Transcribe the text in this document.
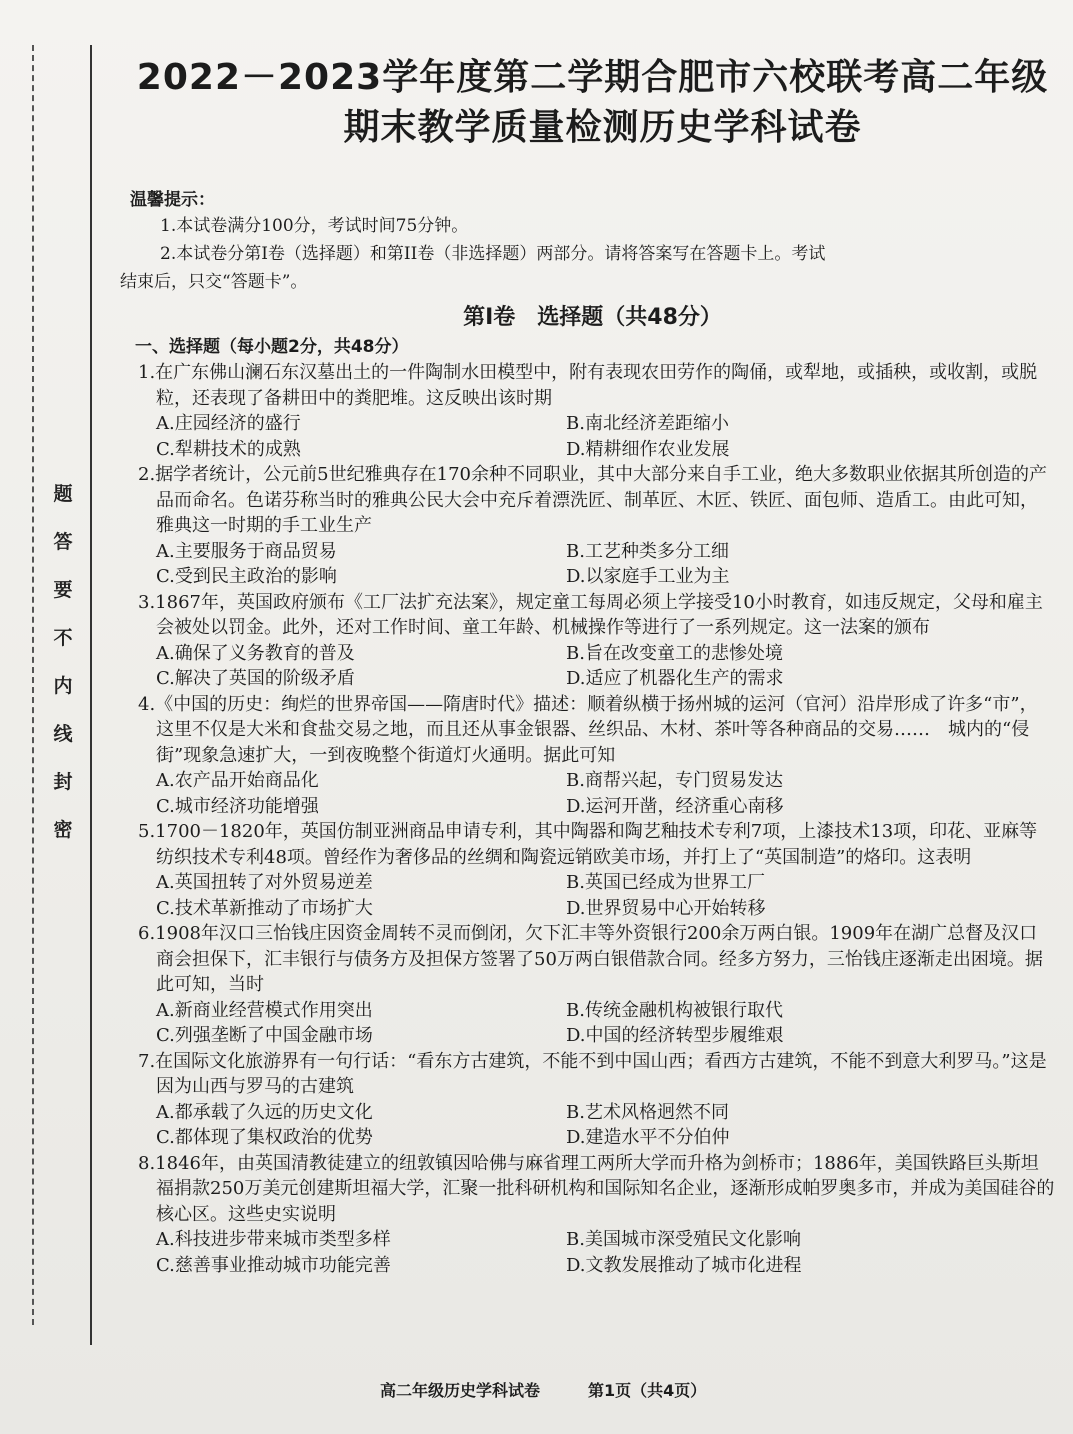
题
答
要
不
内
线
封
密
2022－2023学年度第二学期合肥市六校联考高二年级
期末教学质量检测历史学科试卷
温馨提示：
1.本试卷满分100分，考试时间75分钟。
2.本试卷分第Ⅰ卷（选择题）和第II卷（非选择题）两部分。请将答案写在答题卡上。考试
结束后，只交“答题卡”。
第Ⅰ卷　选择题（共48分）
一、选择题（每小题2分，共48分）
1.在广东佛山澜石东汉墓出土的一件陶制水田模型中，附有表现农田劳作的陶俑，或犁地，或插秧，或收割，或脱粒，还表现了备耕田中的粪肥堆。这反映出该时期
A.庄园经济的盛行	B.南北经济差距缩小
C.犁耕技术的成熟	D.精耕细作农业发展
2.据学者统计，公元前5世纪雅典存在170余种不同职业，其中大部分来自手工业，绝大多数职业依据其所创造的产品而命名。色诺芬称当时的雅典公民大会中充斥着漂洗匠、制革匠、木匠、铁匠、面包师、造盾工。由此可知，雅典这一时期的手工业生产
A.主要服务于商品贸易	B.工艺种类多分工细
C.受到民主政治的影响	D.以家庭手工业为主
3.1867年，英国政府颁布《工厂法扩充法案》，规定童工每周必须上学接受10小时教育，如违反规定，父母和雇主会被处以罚金。此外，还对工作时间、童工年龄、机械操作等进行了一系列规定。这一法案的颁布
A.确保了义务教育的普及	B.旨在改变童工的悲惨处境
C.解决了英国的阶级矛盾	D.适应了机器化生产的需求
4.《中国的历史：绚烂的世界帝国——隋唐时代》描述：顺着纵横于扬州城的运河（官河）沿岸形成了许多“市”，这里不仅是大米和食盐交易之地，而且还从事金银器、丝织品、木材、茶叶等各种商品的交易……　城内的“侵街”现象急速扩大，一到夜晚整个街道灯火通明。据此可知
A.农产品开始商品化	B.商帮兴起，专门贸易发达
C.城市经济功能增强	D.运河开凿，经济重心南移
5.1700－1820年，英国仿制亚洲商品申请专利，其中陶器和陶艺釉技术专利7项，上漆技术13项，印花、亚麻等纺织技术专利48项。曾经作为奢侈品的丝绸和陶瓷远销欧美市场，并打上了“英国制造”的烙印。这表明
A.英国扭转了对外贸易逆差	B.英国已经成为世界工厂
C.技术革新推动了市场扩大	D.世界贸易中心开始转移
6.1908年汉口三怡钱庄因资金周转不灵而倒闭，欠下汇丰等外资银行200余万两白银。1909年在湖广总督及汉口商会担保下，汇丰银行与债务方及担保方签署了50万两白银借款合同。经多方努力，三怡钱庄逐渐走出困境。据此可知，当时
A.新商业经营模式作用突出	B.传统金融机构被银行取代
C.列强垄断了中国金融市场	D.中国的经济转型步履维艰
7.在国际文化旅游界有一句行话：“看东方古建筑，不能不到中国山西；看西方古建筑，不能不到意大利罗马。”这是因为山西与罗马的古建筑
A.都承载了久远的历史文化	B.艺术风格迥然不同
C.都体现了集权政治的优势	D.建造水平不分伯仲
8.1846年，由英国清教徒建立的纽敦镇因哈佛与麻省理工两所大学而升格为剑桥市；1886年，美国铁路巨头斯坦福捐款250万美元创建斯坦福大学，汇聚一批科研机构和国际知名企业，逐渐形成帕罗奥多市，并成为美国硅谷的核心区。这些史实说明
A.科技进步带来城市类型多样	B.美国城市深受殖民文化影响
C.慈善事业推动城市功能完善	D.文教发展推动了城市化进程
高二年级历史学科试卷	第1页（共4页）
